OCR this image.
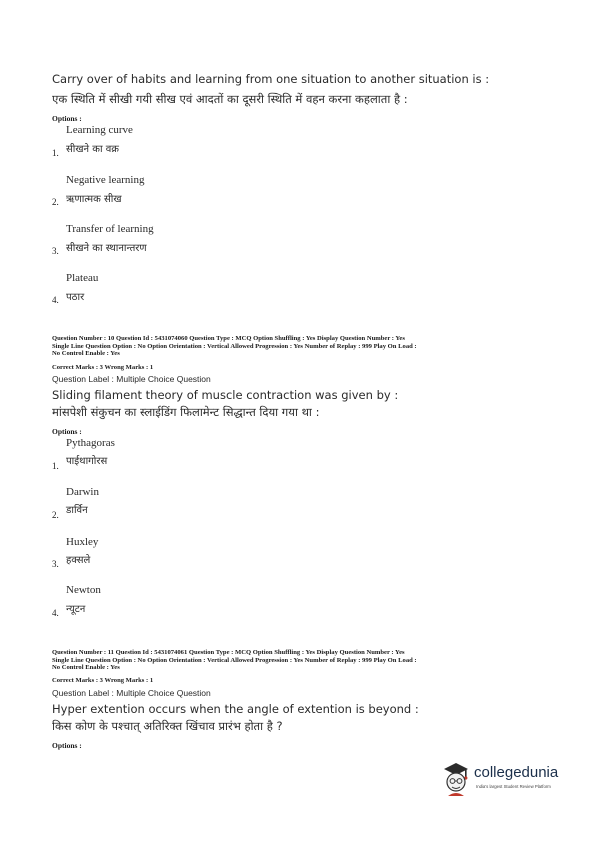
Carry over of habits and learning from one situation to another situation is :
एक स्थिति में सीखी गयी सीख एवं आदतों का दूसरी स्थिति में वहन करना कहलाता है :
Options :
Learning curve
1. सीखने का वक्र
Negative learning
2. ऋणात्मक सीख
Transfer of learning
3. सीखने का स्थानान्तरण
Plateau
4. पठार
Question Number : 10 Question Id : 5431074060 Question Type : MCQ Option Shuffling : Yes Display Question Number : Yes
Single Line Question Option : No Option Orientation : Vertical Allowed Progression : Yes Number of Replay : 999 Play On Load :
No Control Enable : Yes
Correct Marks : 3 Wrong Marks : 1
Question Label : Multiple Choice Question
Sliding filament theory of muscle contraction was given by :
मांसपेशी संकुचन का स्लाईडिंग फिलामेन्ट सिद्धान्त दिया गया था :
Options :
Pythagoras
1. पाईथागोरस
Darwin
2. डार्विन
Huxley
3. हक्सले
Newton
4. न्यूटन
Question Number : 11 Question Id : 5431074061 Question Type : MCQ Option Shuffling : Yes Display Question Number : Yes
Single Line Question Option : No Option Orientation : Vertical Allowed Progression : Yes Number of Replay : 999 Play On Load :
No Control Enable : Yes
Correct Marks : 3 Wrong Marks : 1
Question Label : Multiple Choice Question
Hyper extention occurs when the angle of extention is beyond :
किस कोण के पश्चात् अतिरिक्त खिंचाव प्रारंभ होता है ?
Options :
collegedunia
India's largest Student Review Platform
